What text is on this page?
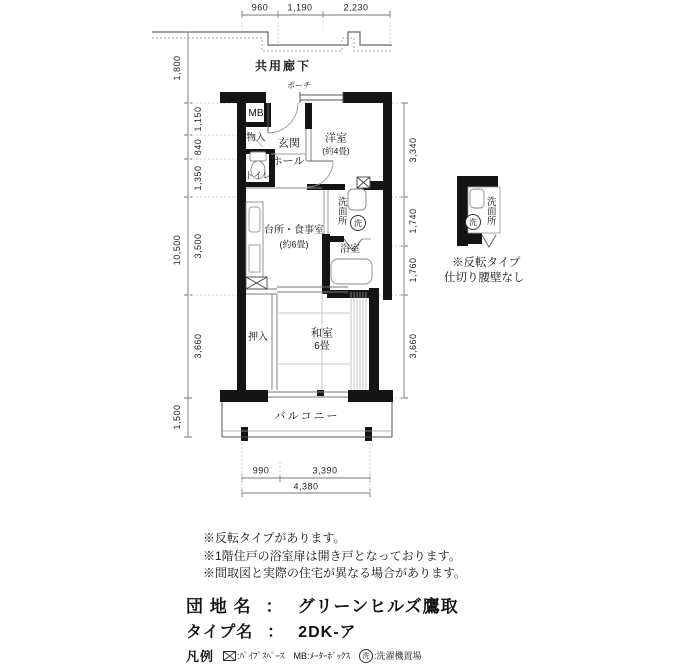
共用廊下
ポーチ
MB
物入 玄関
ホール
トイレ
洋室
(約4畳)
台所・食事室
(約6畳)
洗面所 洗
浴室
押入	和室
6畳
バルコニー
960 1,190	2,230
1,800
10,500
1,500
1,150
840
1,350
3,500
3,660
3,340
1,740
1,760
3,660
990	3,390
4,380
洗面所
洗
※反転タイプ
仕切り腰壁なし
※反転タイプがあります。
※1階住戸の浴室扉は開き戸となっております。
※間取図と実際の住宅が異なる場合があります。
団 地 名 ： グリーンヒルズ鷹取
タイプ名 ： 2DK-ア
凡例	:ﾊﾟｲﾌﾟｽﾍﾟｰｽ MB:ﾒｰﾀｰﾎﾞｯｸｽ	洗 :洗濯機置場
